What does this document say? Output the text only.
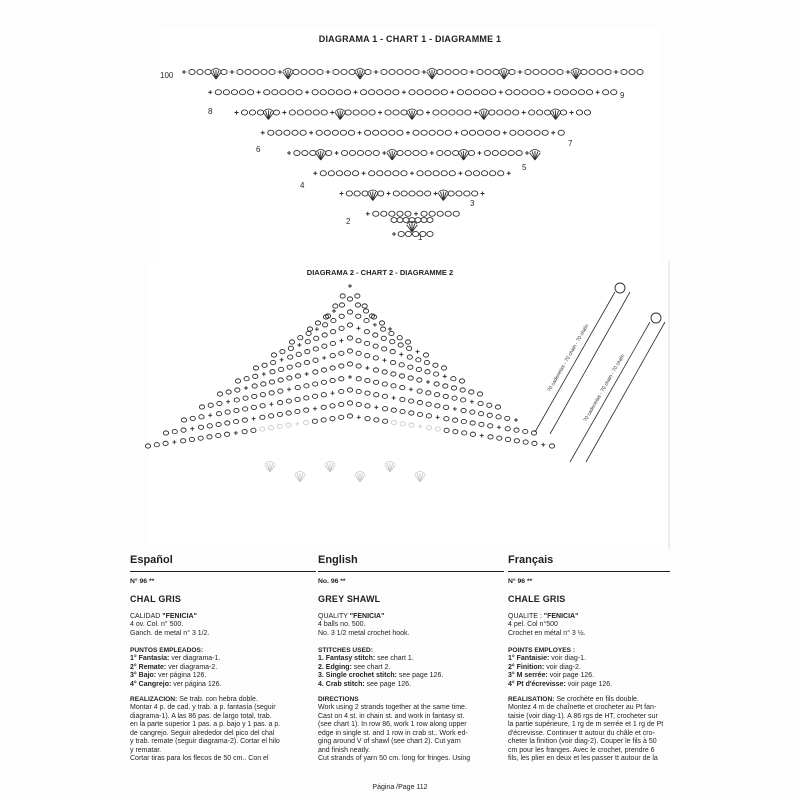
DIAGRAMA 1 - CHART 1 - DIAGRAMME 1
100
9
8
7
6
5
4
3
2
1
DIAGRAMA 2 - CHART 2 - DIAGRAMME 2
70 cadenetas - 70 chain - 70 chaîn
70 cadenetas - 70 chain - 70 chaîn
Español
N° 96 **
CHAL GRIS
CALIDAD "FENICIA"
4 ov. Col. n° 500.
Ganch. de metal n° 3 1/2.
PUNTOS EMPLEADOS:
1° Fantasía: ver diagrama-1.
2° Remate: ver diagrama-2.
3° Bajo: ver página 126.
4° Cangrejo: ver página 126.
REALIZACION: Se trab. con hebra doble.
Montar 4 p. de cad. y trab. a p. fantasía (seguir
diagrama-1). A las 86 pas. de largo total, trab.
en la parte superior 1 pas. a p. bajo y 1 pas. a p.
de cangrejo. Seguir alrededor del pico del chal
y trab. remate (seguir diagrama-2). Cortar el hilo
y rematar.
Cortar tiras para los flecos de 50 cm.. Con el
English
No. 96 **
GREY SHAWL
QUALITY "FENICIA"
4 balls no. 500.
No. 3 1/2 metal crochet hook.
STITCHES USED:
1. Fantasy stitch: see chart 1.
2. Edging: see chart 2.
3. Single crochet stitch: see page 126.
4. Crab stitch: see page 126.
DIRECTIONS
Work using 2 strands together at the same time.
Cast on 4 st. in chain st. and work in fantasy st.
(see chart 1). In row 86, work 1 row along upper
edge in single st. and 1 row in crab st.. Work ed-
ging around V of shawl (see chart 2). Cut yarn
and finish neatly.
Cut strands of yarn 50 cm. long for fringes. Using
Français
N° 96 **
CHALE GRIS
QUALITE : "FENICIA"
4 pel. Col n°500
Crochet en métal n° 3 ½.
POINTS EMPLOYES :
1° Fantaisie: voir diag-1.
2° Finition: voir diag-2.
3° M serrée: voir page 126.
4° Pt d'écrevisse: voir page 126.
REALISATION: Se crochète en fils double.
Montez 4 m de chaînette et crocheter au Pt fan-
taisie (voir diag-1). A 86 rgs de HT, crocheter sur
la partie supérieure, 1 rg de m serrée et 1 rg de Pt
d'écrevisse. Continuer tt autour du châle et cro-
cheter la finition (voir diag-2). Couper le fils à 50
cm pour les franges. Avec le crochet, prendre 6
fils, les plier en deux et les passer tt autour de la
Página /Page 112
